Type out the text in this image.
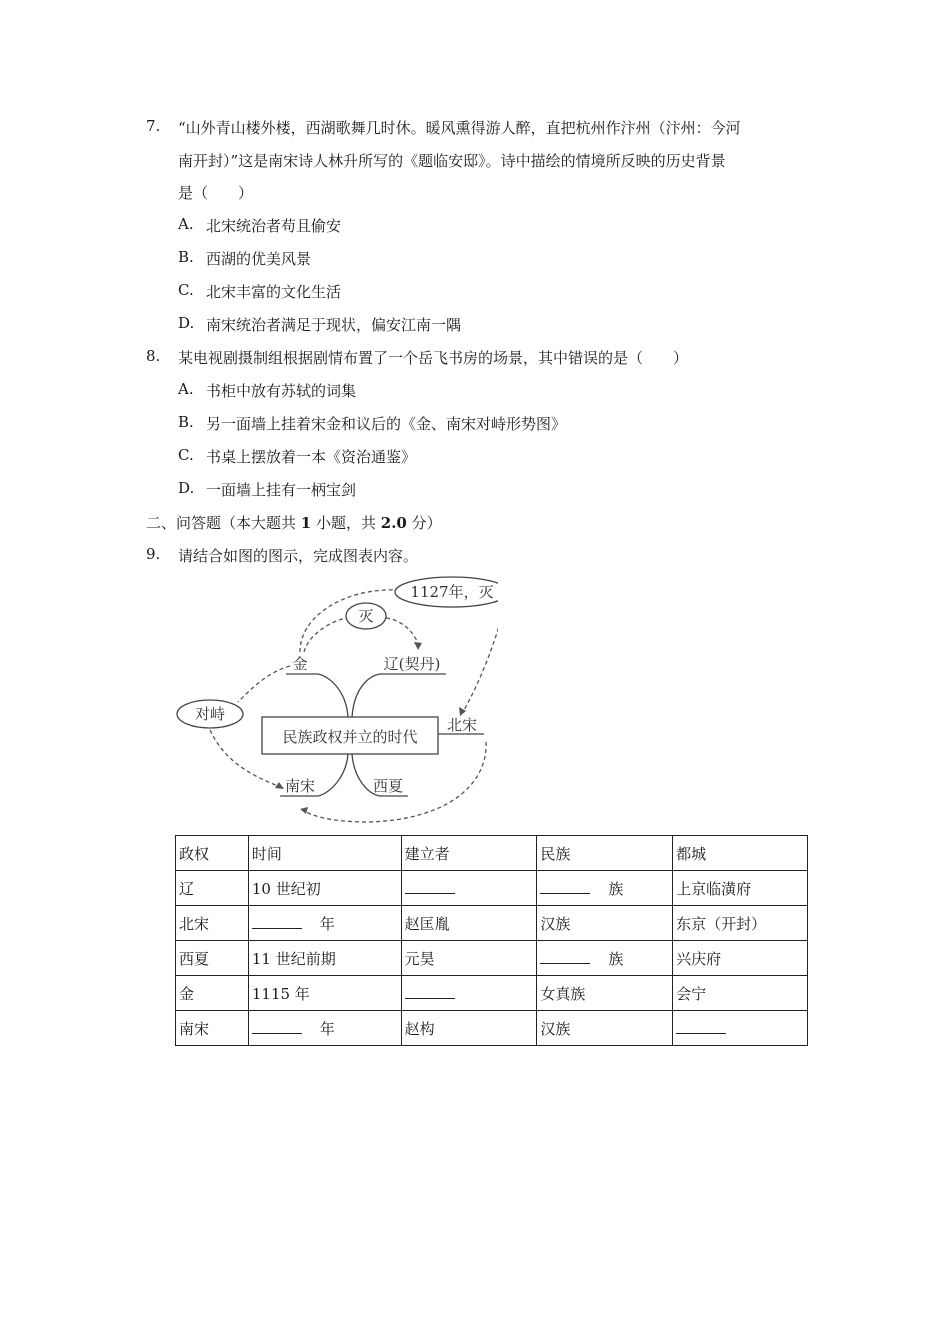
7. “山外青山楼外楼，西湖歌舞几时休。暖风熏得游人醉，直把杭州作汴州（汴州：今河
南开封）”这是南宋诗人林升所写的《题临安邸》。诗中描绘的情境所反映的历史背景
是（　　）
A. 北宋统治者苟且偷安
B. 西湖的优美风景
C. 北宋丰富的文化生活
D. 南宋统治者满足于现状，偏安江南一隅
8. 某电视剧摄制组根据剧情布置了一个岳飞书房的场景，其中错误的是（　　）
A. 书柜中放有苏轼的词集
B. 另一面墙上挂着宋金和议后的《金、南宋对峙形势图》
C. 书桌上摆放着一本《资治通鉴》
D. 一面墙上挂有一柄宝剑
二、问答题（本大题共 1 小题，共 2.0 分）
9. 请结合如图的图示，完成图表内容。
民族政权并立的时代
金	辽(契丹)
北宋
南宋	西夏
灭
1127年，灭
对峙
政权	时间	建立者	民族	都城
辽	10 世纪初		族	上京临潢府
北宋	年	赵匡胤	汉族	东京（开封）
西夏	11 世纪前期	元昊	族	兴庆府
金	1115 年		女真族	会宁
南宋	年	赵构	汉族	
